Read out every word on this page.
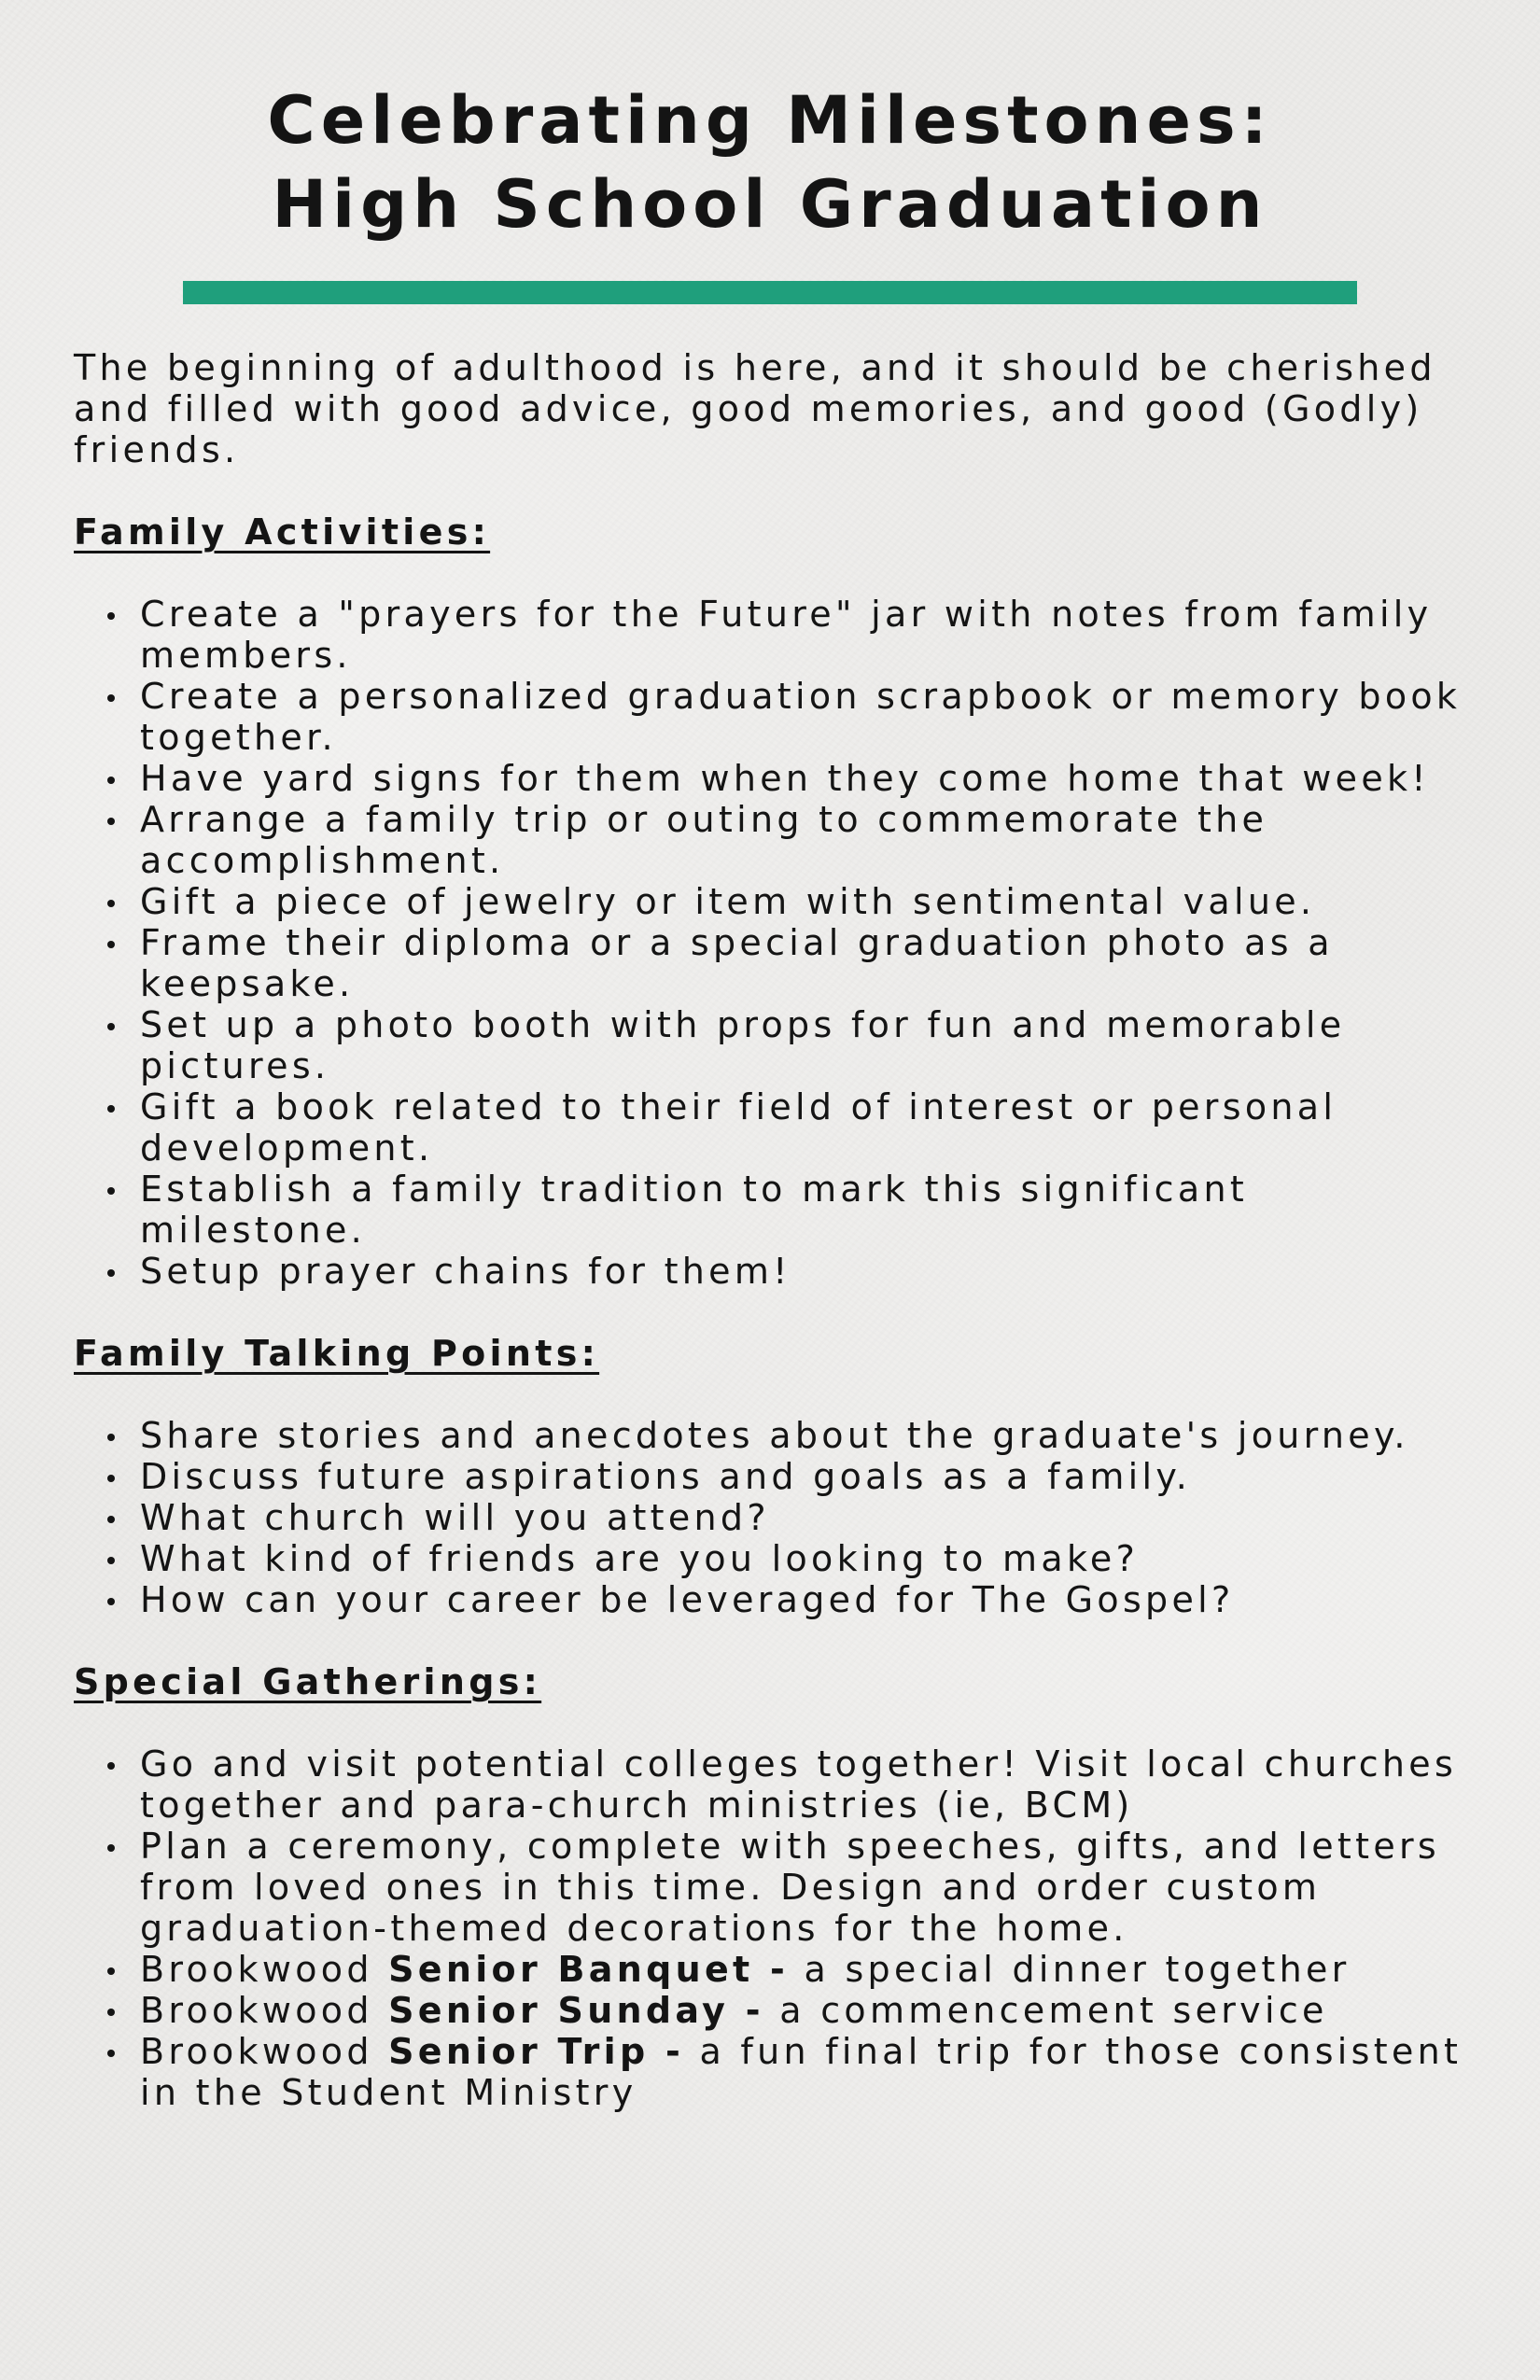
Celebrating Milestones:
High School Graduation

The beginning of adulthood is here, and it should be cherished and filled with good advice, good memories, and good (Godly) friends.

Family Activities:
Create a "prayers for the Future" jar with notes from family members.
Create a personalized graduation scrapbook or memory book together.
Have yard signs for them when they come home that week!
Arrange a family trip or outing to commemorate the accomplishment.
Gift a piece of jewelry or item with sentimental value.
Frame their diploma or a special graduation photo as a keepsake.
Set up a photo booth with props for fun and memorable pictures.
Gift a book related to their field of interest or personal development.
Establish a family tradition to mark this significant milestone.
Setup prayer chains for them!
Family Talking Points:
Share stories and anecdotes about the graduate's journey.
Discuss future aspirations and goals as a family.
What church will you attend?
What kind of friends are you looking to make?
How can your career be leveraged for The Gospel?
Special Gatherings:
Go and visit potential colleges together! Visit local churches together and para-church ministries (ie, BCM)
Plan a ceremony, complete with speeches, gifts, and letters from loved ones in this time. Design and order custom graduation-themed decorations for the home.
Brookwood Senior Banquet - a special dinner together
Brookwood Senior Sunday - a commencement service
Brookwood Senior Trip - a fun final trip for those consistent in the Student Ministry
